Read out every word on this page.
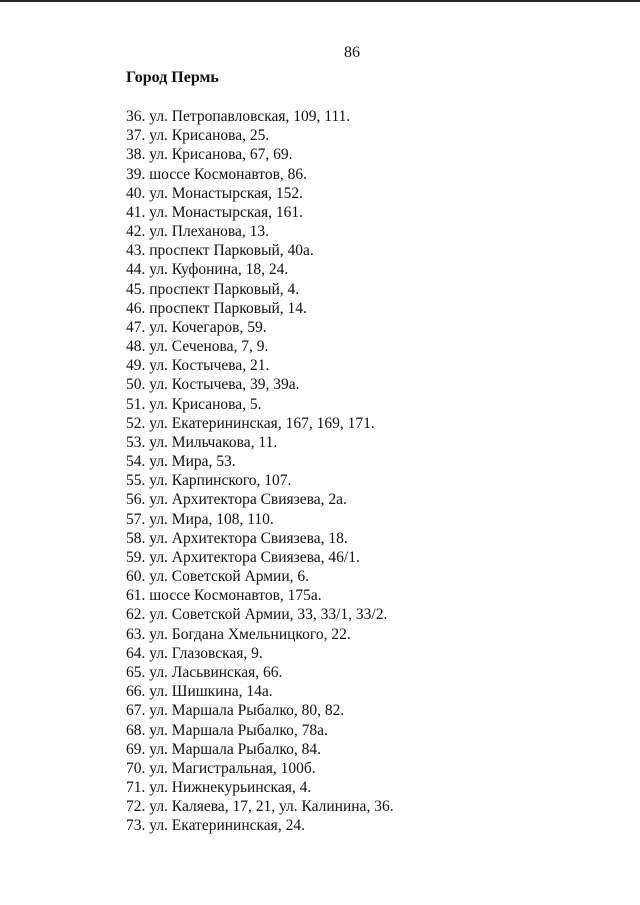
86
Город Пермь
36. ул. Петропавловская, 109, 111.
37. ул. Крисанова, 25.
38. ул. Крисанова, 67, 69.
39. шоссе Космонавтов, 86.
40. ул. Монастырская, 152.
41. ул. Монастырская, 161.
42. ул. Плеханова, 13.
43. проспект Парковый, 40а.
44. ул. Куфонина, 18, 24.
45. проспект Парковый, 4.
46. проспект Парковый, 14.
47. ул. Кочегаров, 59.
48. ул. Сеченова, 7, 9.
49. ул. Костычева, 21.
50. ул. Костычева, 39, 39а.
51. ул. Крисанова, 5.
52. ул. Екатерининская, 167, 169, 171.
53. ул. Мильчакова, 11.
54. ул. Мира, 53.
55. ул. Карпинского, 107.
56. ул. Архитектора Свиязева, 2а.
57. ул. Мира, 108, 110.
58. ул. Архитектора Свиязева, 18.
59. ул. Архитектора Свиязева, 46/1.
60. ул. Советской Армии, 6.
61. шоссе Космонавтов, 175а.
62. ул. Советской Армии, 33, 33/1, 33/2.
63. ул. Богдана Хмельницкого, 22.
64. ул. Глазовская, 9.
65. ул. Ласьвинская, 66.
66. ул. Шишкина, 14а.
67. ул. Маршала Рыбалко, 80, 82.
68. ул. Маршала Рыбалко, 78а.
69. ул. Маршала Рыбалко, 84.
70. ул. Магистральная, 100б.
71. ул. Нижнекурьинская, 4.
72. ул. Каляева, 17, 21, ул. Калинина, 36.
73. ул. Екатерининская, 24.
